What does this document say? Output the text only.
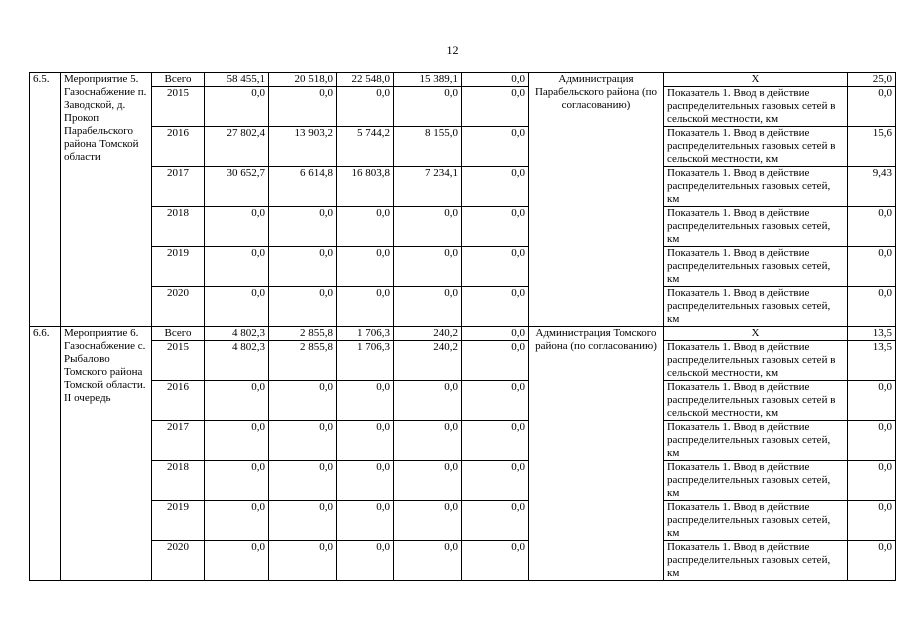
12
6.5.	Мероприятие 5. Газоснабжение п. Заводской, д. Прокоп Парабельского района Томской области	Всего	58 455,1	20 518,0	22 548,0	15 389,1	0,0	Администрация Парабельского района (по согласованию)	Х	25,0
		2015	0,0	0,0	0,0	0,0	0,0		Показатель 1. Ввод в действие распределительных газовых сетей в сельской местности, км	0,0
		2016	27 802,4	13 903,2	5 744,2	8 155,0	0,0		Показатель 1. Ввод в действие распределительных газовых сетей в сельской местности, км	15,6
		2017	30 652,7	6 614,8	16 803,8	7 234,1	0,0		Показатель 1. Ввод в действие распределительных газовых сетей, км	9,43
		2018	0,0	0,0	0,0	0,0	0,0		Показатель 1. Ввод в действие распределительных газовых сетей, км	0,0
		2019	0,0	0,0	0,0	0,0	0,0		Показатель 1. Ввод в действие распределительных газовых сетей, км	0,0
		2020	0,0	0,0	0,0	0,0	0,0		Показатель 1. Ввод в действие распределительных газовых сетей, км	0,0
6.6.	Мероприятие 6. Газоснабжение с. Рыбалово Томского района Томской области. II очередь	Всего	4 802,3	2 855,8	1 706,3	240,2	0,0	Администрация Томского района (по согласованию)	Х	13,5
		2015	4 802,3	2 855,8	1 706,3	240,2	0,0		Показатель 1. Ввод в действие распределительных газовых сетей в сельской местности, км	13,5
		2016	0,0	0,0	0,0	0,0	0,0		Показатель 1. Ввод в действие распределительных газовых сетей в сельской местности, км	0,0
		2017	0,0	0,0	0,0	0,0	0,0		Показатель 1. Ввод в действие распределительных газовых сетей, км	0,0
		2018	0,0	0,0	0,0	0,0	0,0		Показатель 1. Ввод в действие распределительных газовых сетей, км	0,0
		2019	0,0	0,0	0,0	0,0	0,0		Показатель 1. Ввод в действие распределительных газовых сетей, км	0,0
		2020	0,0	0,0	0,0	0,0	0,0		Показатель 1. Ввод в действие распределительных газовых сетей, км	0,0
